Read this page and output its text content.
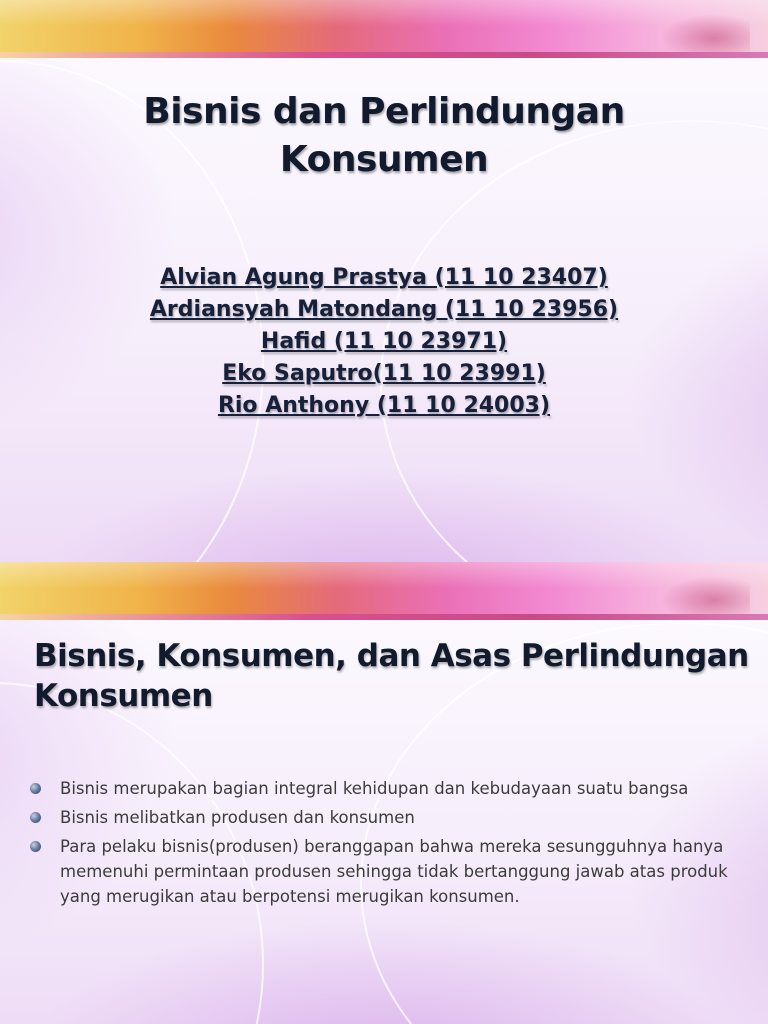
Bisnis dan Perlindungan
Konsumen
Alvian Agung Prastya (11 10 23407)
Ardiansyah Matondang (11 10 23956)
Hafid (11 10 23971)
Eko Saputro(11 10 23991)
Rio Anthony (11 10 24003)
Bisnis, Konsumen, dan Asas Perlindungan
Konsumen
Bisnis merupakan bagian integral kehidupan dan kebudayaan suatu bangsa
Bisnis melibatkan produsen dan konsumen
Para pelaku bisnis(produsen) beranggapan bahwa mereka sesungguhnya hanya memenuhi permintaan produsen sehingga tidak bertanggung jawab atas produk yang merugikan atau berpotensi merugikan konsumen.
